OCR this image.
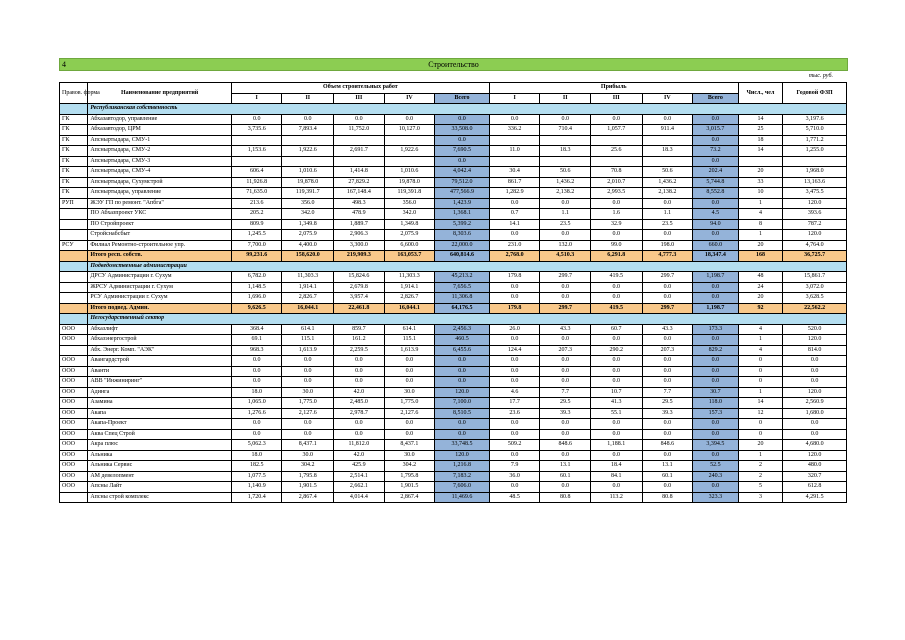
4	Строительство
тыс. руб.
Правов. форма	Наименование предприятий	Объем строительных работ					Прибыль					Числ., чел	Годовой ФЗП
		I	II	III	IV	Всего	I	II	III	IV	Всего		
	Республиканская собственность												
ГК	Абхазавтодор, управление	0.0	0.0	0.0	0.0	0.0	0.0	0.0	0.0	0.0	0.0	14	3,197.6
ГК	Абхазавтодор, ЦРМ	3,735.6	7,893.4	11,752.0	10,127.0	33,508.0	336.2	710.4	1,057.7	911.4	3,015.7	25	5,710.0
ГК	Апсныртыдара, СМУ-1					0.0					0.0	18	1,771.2
ГК	Апсныртыдара, СМУ-2	1,153.6	1,922.6	2,691.7	1,922.6	7,690.5	11.0	18.3	25.6	18.3	73.2	14	1,255.0
ГК	Апсныртыдара, СМУ-3					0.0					0.0		
ГК	Апсныртыдара, СМУ-4	606.4	1,010.6	1,414.8	1,010.6	4,042.4	30.4	50.6	70.8	50.6	202.4	20	1,968.0
ГК	Апсныртыдара, Сухумстрой	11,926.8	19,878.0	27,829.2	19,878.0	79,512.0	861.7	1,436.2	2,010.7	1,436.2	5,744.8	33	13,163.6
ГК	Апсныртыдара, управление	71,635.0	119,391.7	167,148.4	119,391.8	477,566.9	1,282.9	2,138.2	2,993.5	2,138.2	8,552.8	10	3,475.5
РУП	ЖЭУ ГП по ремонт. "Апбга"	213.6	356.0	498.3	356.0	1,423.9	0.0	0.0	0.0	0.0	0.0	1	120.0
	ПО Абхазпроект УКС	205.2	342.0	478.9	342.0	1,368.1	0.7	1.1	1.6	1.1	4.5	4	393.6
	ПО Стройпроект	809.9	1,349.8	1,889.7	1,349.8	5,399.2	14.1	23.5	32.9	23.5	94.0	8	787.2
	Стройснабсбыт	1,245.5	2,075.9	2,906.3	2,075.9	8,303.6	0.0	0.0	0.0	0.0	0.0	1	120.0
РСУ	Филиал Ремонтно-строительное упр.	7,700.0	4,400.0	3,300.0	6,600.0	22,000.0	231.0	132.0	99.0	198.0	660.0	20	4,764.0
	Итого респ. собств.	99,231.6	158,620.0	219,909.3	163,053.7	640,814.6	2,768.0	4,510.3	6,291.8	4,777.3	18,347.4	168	36,725.7
	Подведомственные администрации												
	ДРСУ Администрации г. Сухум	6,782.0	11,303.3	15,824.6	11,303.3	45,213.2	179.8	299.7	419.5	299.7	1,198.7	48	15,861.7
	ЖРСУ Администрации г. Сухум	1,148.5	1,914.1	2,679.8	1,914.1	7,656.5	0.0	0.0	0.0	0.0	0.0	24	3,072.0
	РСУ Администрации г. Сухум	1,696.0	2,826.7	3,957.4	2,826.7	11,306.8	0.0	0.0	0.0	0.0	0.0	20	3,628.5
	Итого подвед. Админ.	9,626.5	16,044.1	22,461.8	16,044.1	64,176.5	179.8	299.7	419.5	299.7	1,198.7	92	22,562.2
	Негосударственный сектор												
ООО	Абхазлифт	368.4	614.1	859.7	614.1	2,456.3	26.0	43.3	60.7	43.3	173.3	4	520.0
ООО	Абхазэнергострой	69.1	115.1	161.2	115.1	460.5	0.0	0.0	0.0	0.0	0.0	1	120.0
	Абх. Энерг. Комп. "АЭК"	968.3	1,613.9	2,259.5	1,613.9	6,455.6	124.4	207.3	290.2	207.3	829.2	4	814.0
ООО	Авангардстрой	0.0	0.0	0.0	0.0	0.0	0.0	0.0	0.0	0.0	0.0	0	0.0
ООО	Аванти	0.0	0.0	0.0	0.0	0.0	0.0	0.0	0.0	0.0	0.0	0	0.0
ООО	АВВ "Инжиниринг"	0.0	0.0	0.0	0.0	0.0	0.0	0.0	0.0	0.0	0.0	0	0.0
ООО	Адинга	18.0	30.0	42.0	30.0	120.0	4.6	7.7	10.7	7.7	30.7	1	120.0
ООО	Азамина	1,065.0	1,775.0	2,485.0	1,775.0	7,100.0	17.7	29.5	41.3	29.5	118.0	14	2,560.9
ООО	Акапа	1,276.6	2,127.6	2,978.7	2,127.6	8,510.5	23.6	39.3	55.1	39.3	157.3	12	1,680.0
ООО	Акапа-Проект	0.0	0.0	0.0	0.0	0.0	0.0	0.0	0.0	0.0	0.0	0	0.0
ООО	Аква Спец Строй	0.0	0.0	0.0	0.0	0.0	0.0	0.0	0.0	0.0	0.0	0	0.0
ООО	Акра плюс	5,062.3	8,437.1	11,812.0	8,437.1	33,748.5	509.2	848.6	1,188.1	848.6	3,394.5	20	4,680.0
ООО	Альника	18.0	30.0	42.0	30.0	120.0	0.0	0.0	0.0	0.0	0.0	1	120.0
ООО	Альника Сервис	182.5	304.2	425.9	304.2	1,216.8	7.9	13.1	18.4	13.1	52.5	2	480.0
ООО	АМ девелопмент	1,077.5	1,795.8	2,514.1	1,795.8	7,183.2	36.0	60.1	84.1	60.1	240.3	2	320.7
ООО	Апсны Лайт	1,140.9	1,901.5	2,662.1	1,901.5	7,606.0	0.0	0.0	0.0	0.0	0.0	5	612.8
	Апсны строй комплекс	1,720.4	2,867.4	4,014.4	2,867.4	11,469.6	48.5	80.8	113.2	80.8	323.3	3	4,291.5
